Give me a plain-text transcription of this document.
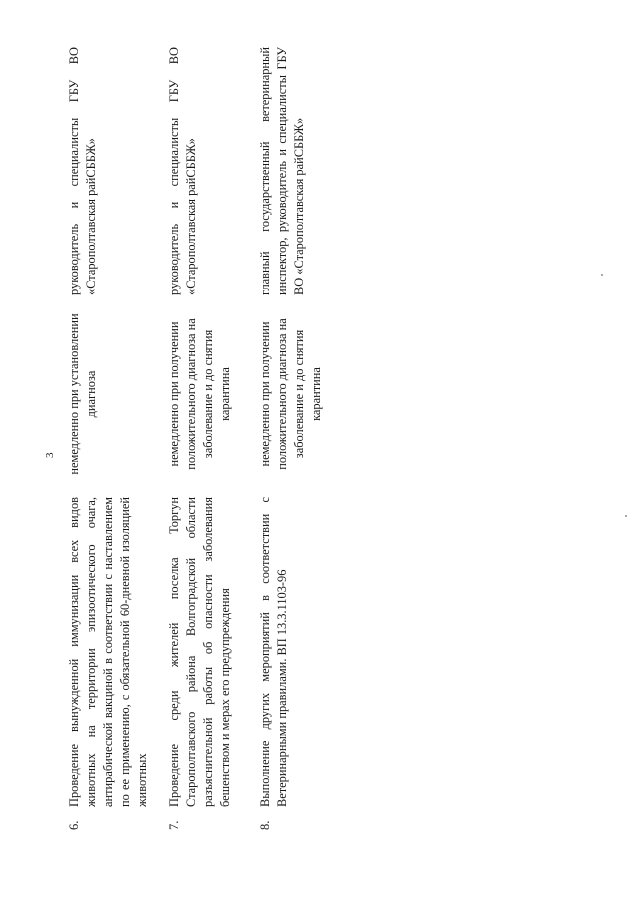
3

6.

Проведение вынужденной иммунизации всех видов животных на территории эпизоотического очага, антирабической вакциной в соответствии с наставлением по ее применению, с обязательной 60-дневной изоляцией животных

немедленно при установлении диагноза

руководитель и специалисты ГБУ ВО «Старополтавская райСББЖ»

7.

Проведение среди жителей поселка Торгун Старополтавского района Волгоградской области разъяснительной работы об опасности заболевания бешенством и мерах его предупреждения

немедленно при получении положительного диагноза на заболевание и до снятия карантина

руководитель и специалисты ГБУ ВО «Старополтавская райСББЖ»

8.

Выполнение других мероприятий в соответствии с Ветеринарными правилами. ВП 13.3.1103-96

немедленно при получении положительного диагноза на заболевание и до снятия карантина

главный государственный ветеринарный инспектор, руководитель и специалисты ГБУ ВО «Старополтавская райСББЖ»
